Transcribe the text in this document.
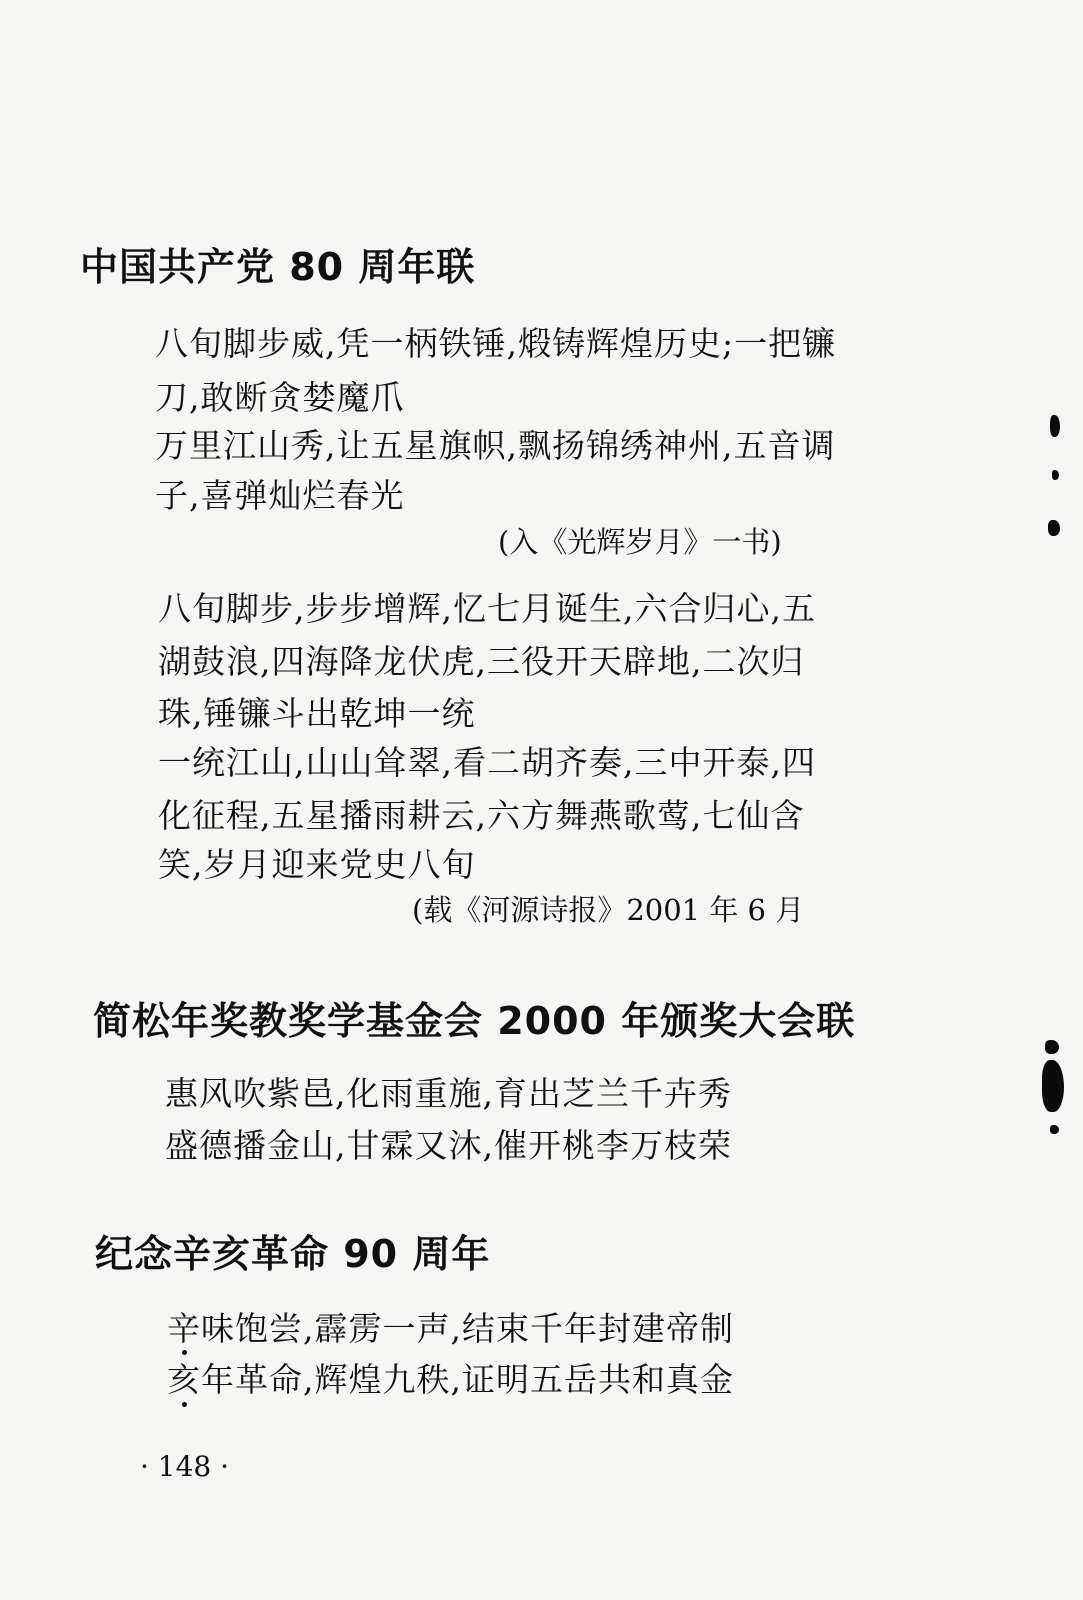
中国共产党 80 周年联
八旬脚步威,凭一柄铁锤,煅铸辉煌历史;一把镰
刀,敢断贪婪魔爪
万里江山秀,让五星旗帜,飘扬锦绣神州,五音调
子,喜弹灿烂春光
(入《光辉岁月》一书)
八旬脚步,步步增辉,忆七月诞生,六合归心,五
湖鼓浪,四海降龙伏虎,三役开天辟地,二次归
珠,锤镰斗出乾坤一统
一统江山,山山耸翠,看二胡齐奏,三中开泰,四
化征程,五星播雨耕云,六方舞燕歌莺,七仙含
笑,岁月迎来党史八旬
(载《河源诗报》2001 年 6 月
简松年奖教奖学基金会 2000 年颁奖大会联
惠风吹紫邑,化雨重施,育出芝兰千卉秀
盛德播金山,甘霖又沐,催开桃李万枝荣
纪念辛亥革命 90 周年
辛味饱尝,霹雳一声,结束千年封建帝制
亥年革命,辉煌九秩,证明五岳共和真金
· 148 ·
